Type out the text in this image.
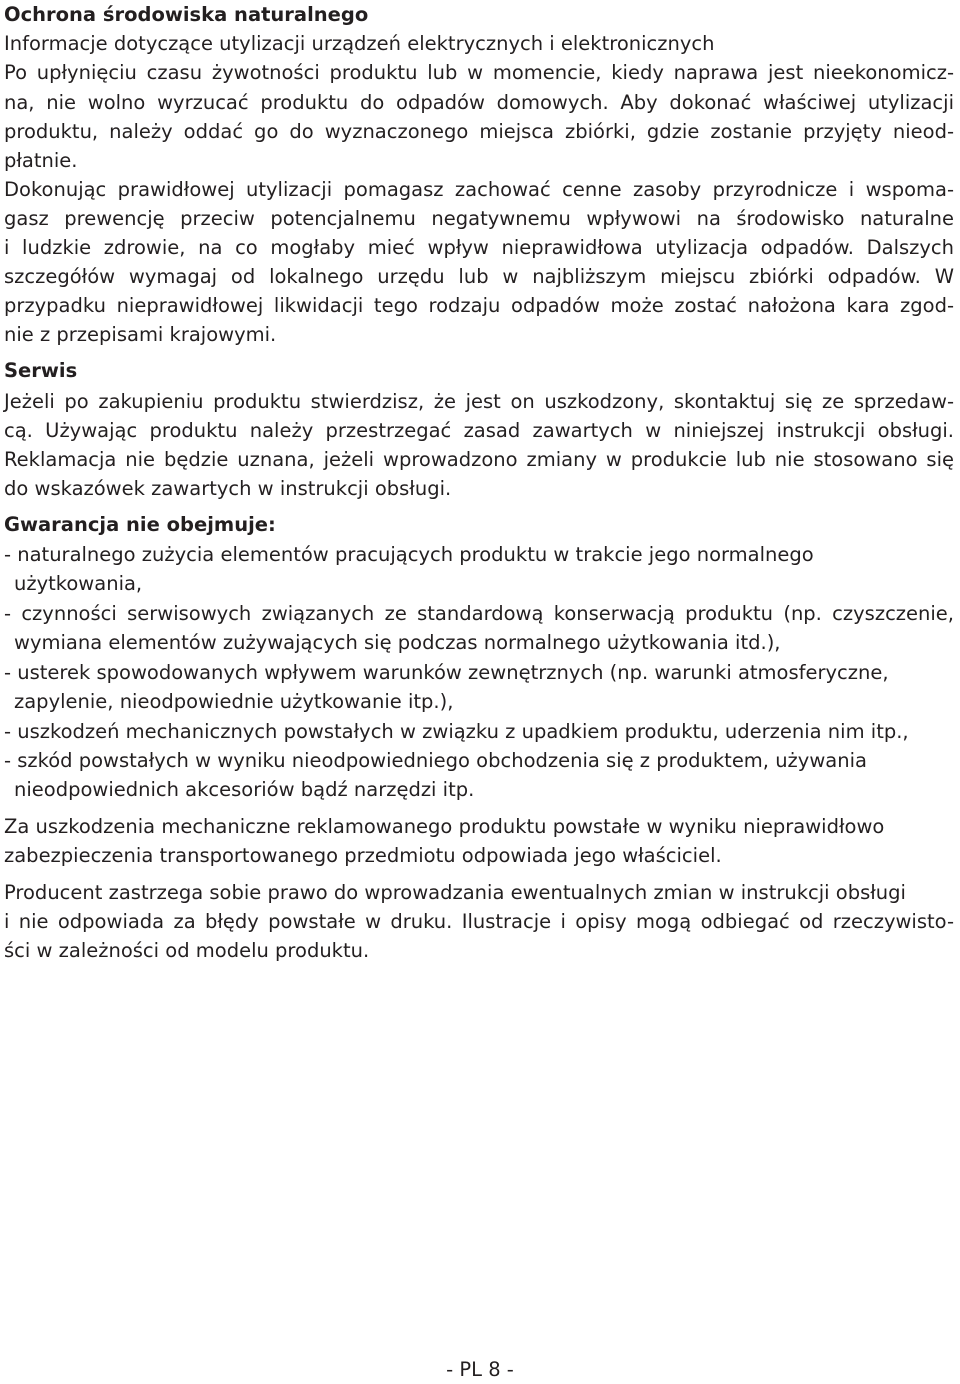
Ochrona środowiska naturalnego
Informacje dotyczące utylizacji urządzeń elektrycznych i elektronicznych
Po upłynięciu czasu żywotności produktu lub w momencie, kiedy naprawa jest nieekonomicz-
na, nie wolno wyrzucać produktu do odpadów domowych. Aby dokonać właściwej utylizacji
produktu, należy oddać go do wyznaczonego miejsca zbiórki, gdzie zostanie przyjęty nieod-
płatnie.
Dokonując prawidłowej utylizacji pomagasz zachować cenne zasoby przyrodnicze i wspoma-
gasz prewencję przeciw potencjalnemu negatywnemu wpływowi na środowisko naturalne
i ludzkie zdrowie, na co mogłaby mieć wpływ nieprawidłowa utylizacja odpadów. Dalszych
szczegółów wymagaj od lokalnego urzędu lub w najbliższym miejscu zbiórki odpadów. W
przypadku nieprawidłowej likwidacji tego rodzaju odpadów może zostać nałożona kara zgod-
nie z przepisami krajowymi.
Serwis
Jeżeli po zakupieniu produktu stwierdzisz, że jest on uszkodzony, skontaktuj się ze sprzedaw-
cą. Używając produktu należy przestrzegać zasad zawartych w niniejszej instrukcji obsługi.
Reklamacja nie będzie uznana, jeżeli wprowadzono zmiany w produkcie lub nie stosowano się
do wskazówek zawartych w instrukcji obsługi.
Gwarancja nie obejmuje:
- naturalnego zużycia elementów pracujących produktu w trakcie jego normalnego
użytkowania,
- czynności serwisowych związanych ze standardową konserwacją produktu (np. czyszczenie,
wymiana elementów zużywających się podczas normalnego użytkowania itd.),
- usterek spowodowanych wpływem warunków zewnętrznych (np. warunki atmosferyczne,
zapylenie, nieodpowiednie użytkowanie itp.),
- uszkodzeń mechanicznych powstałych w związku z upadkiem produktu, uderzenia nim itp.,
- szkód powstałych w wyniku nieodpowiedniego obchodzenia się z produktem, używania
nieodpowiednich akcesoriów bądź narzędzi itp.
Za uszkodzenia mechaniczne reklamowanego produktu powstałe w wyniku nieprawidłowo
zabezpieczenia transportowanego przedmiotu odpowiada jego właściciel.
Producent zastrzega sobie prawo do wprowadzania ewentualnych zmian w instrukcji obsługi
i nie odpowiada za błędy powstałe w druku. Ilustracje i opisy mogą odbiegać od rzeczywisto-
ści w zależności od modelu produktu.
- PL 8 -
